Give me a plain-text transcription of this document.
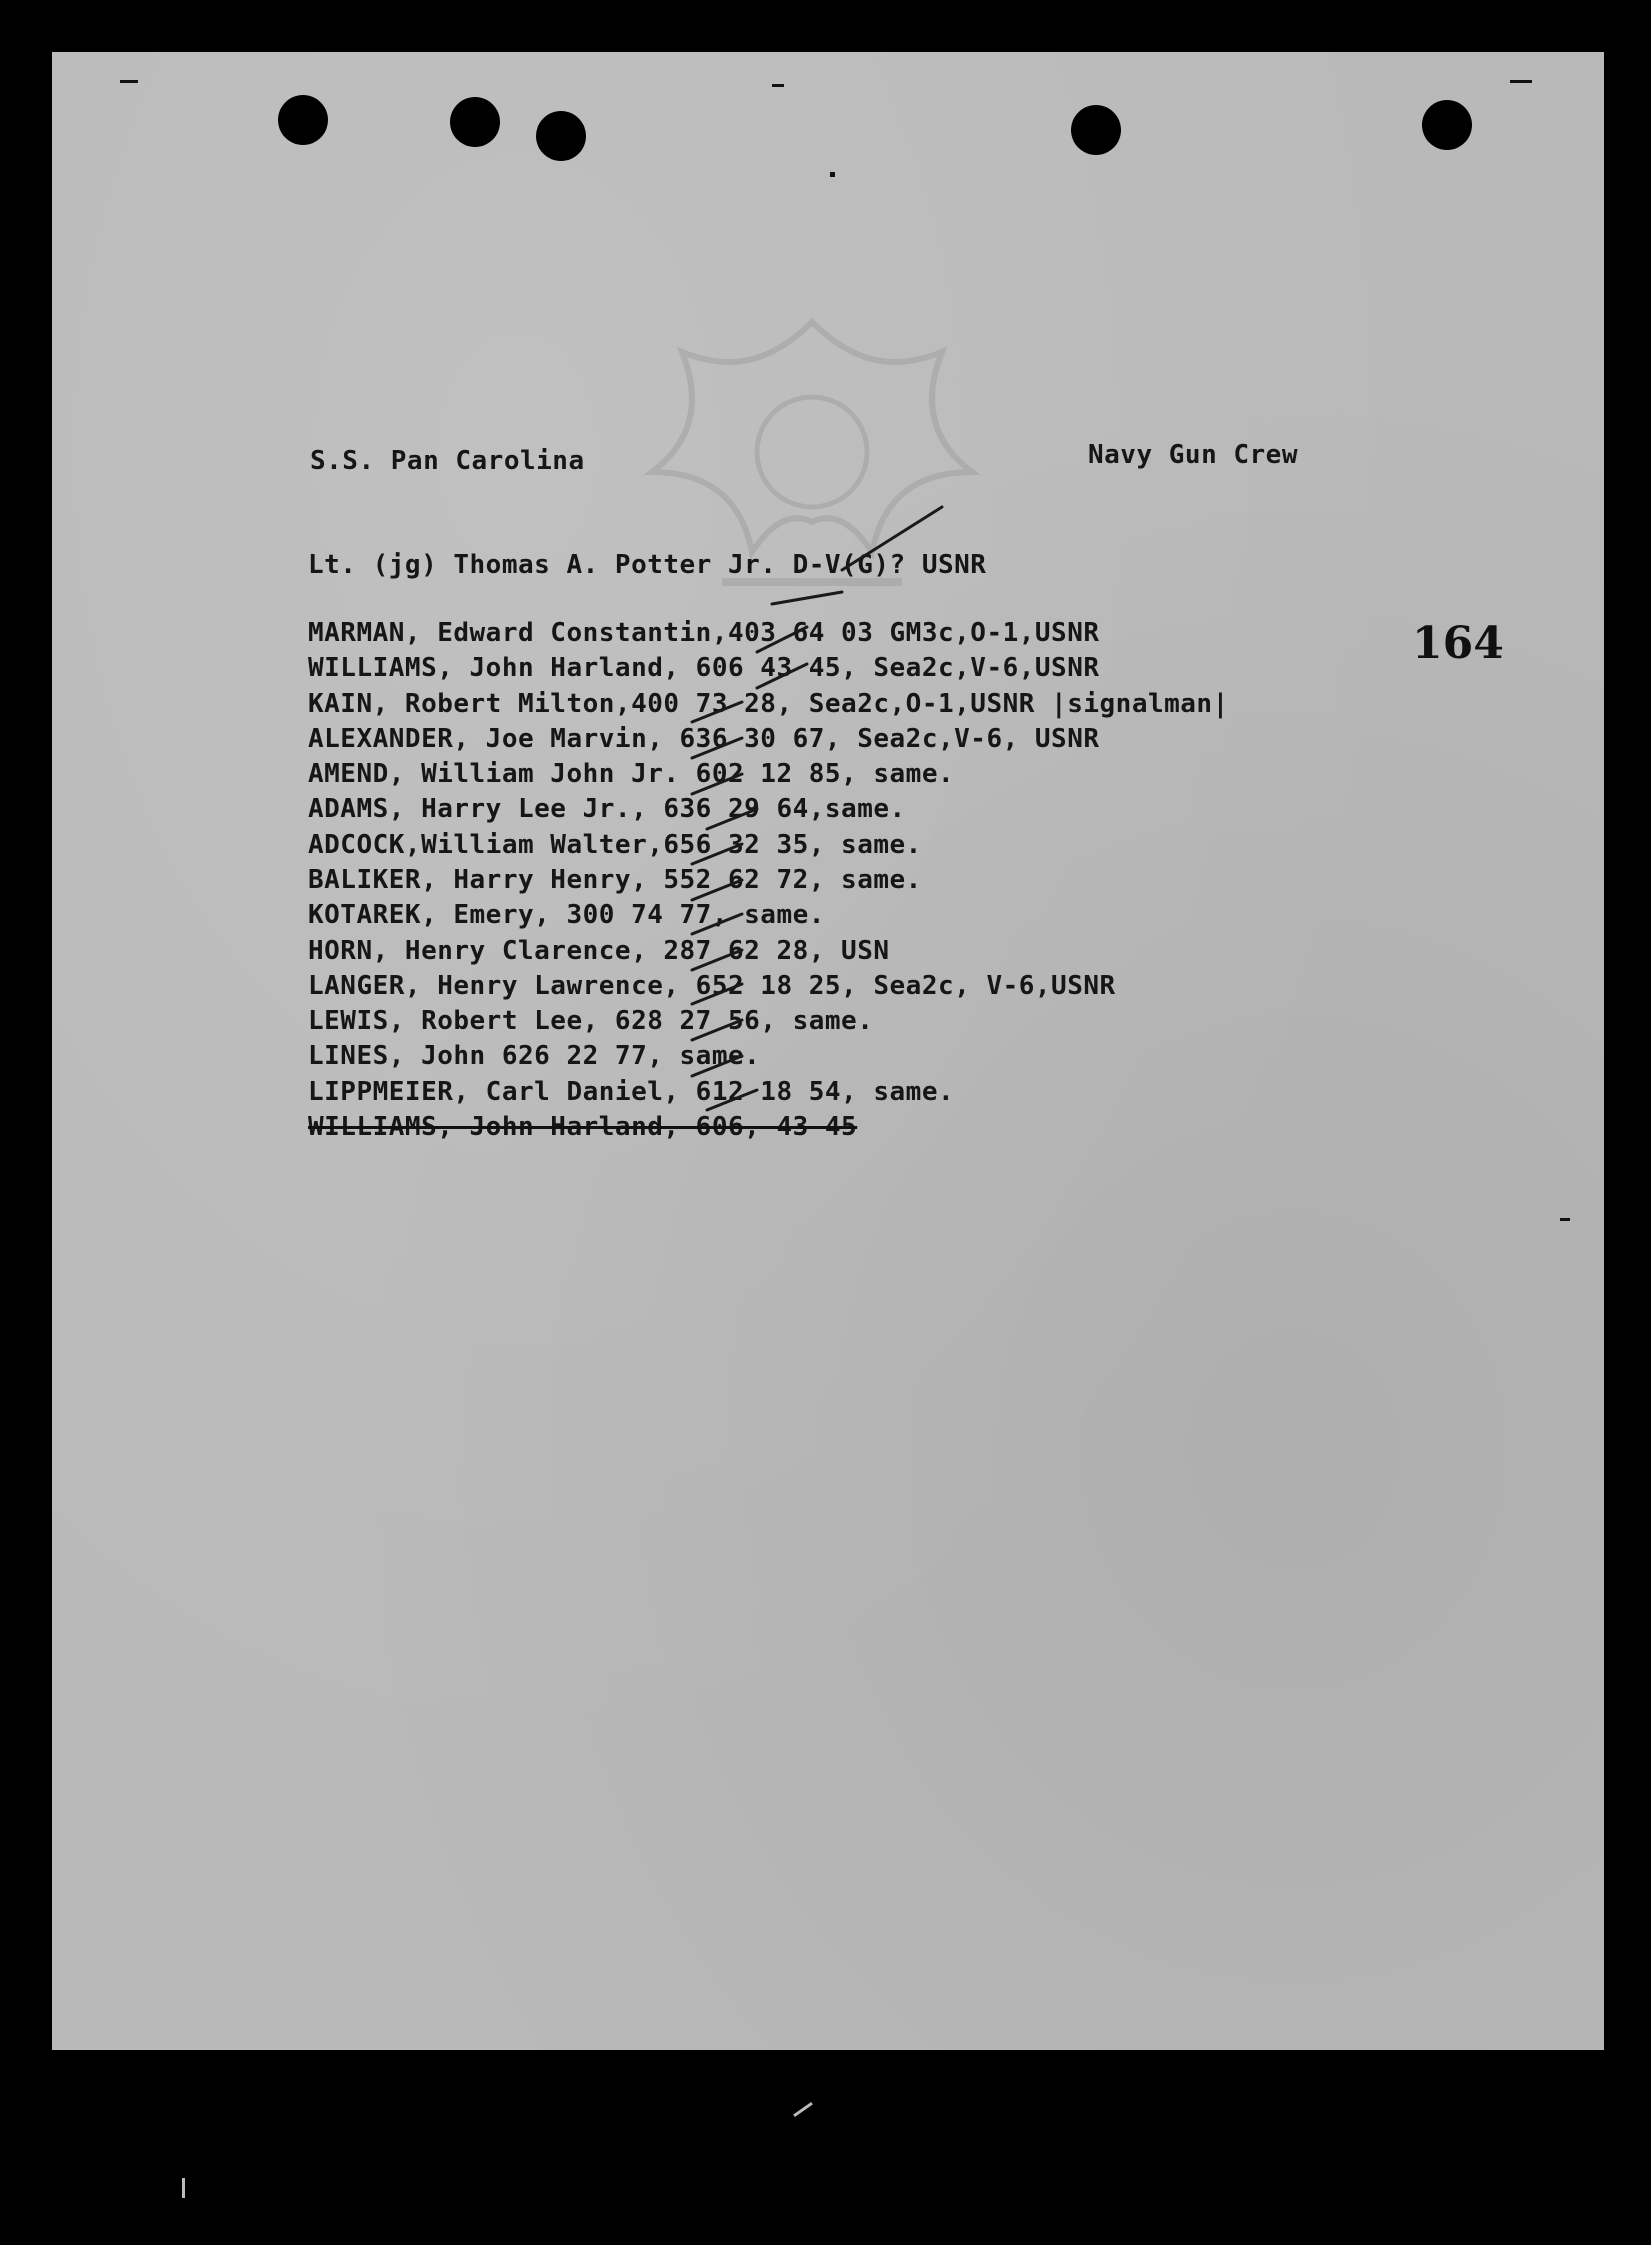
S.S. Pan Carolina	Navy Gun Crew
Lt. (jg) Thomas A. Potter Jr. D-V(G)? USNR
164
MARMAN, Edward Constantin,403 64 03 GM3c,O-1,USNR
WILLIAMS, John Harland, 606 43 45, Sea2c,V-6,USNR
KAIN, Robert Milton,400 73 28, Sea2c,O-1,USNR |signalman|
ALEXANDER, Joe Marvin, 636 30 67, Sea2c,V-6, USNR
AMEND, William John Jr. 602 12 85, same.
ADAMS, Harry Lee Jr., 636 29 64,same.
ADCOCK,William Walter,656 32 35, same.
BALIKER, Harry Henry, 552 62 72, same.
KOTAREK, Emery, 300 74 77, same.
HORN, Henry Clarence, 287 62 28, USN
LANGER, Henry Lawrence, 652 18 25, Sea2c, V-6,USNR
LEWIS, Robert Lee, 628 27 56, same.
LINES, John 626 22 77, same.
LIPPMEIER, Carl Daniel, 612 18 54, same.
WILLIAMS, John Harland, 606, 43 45
